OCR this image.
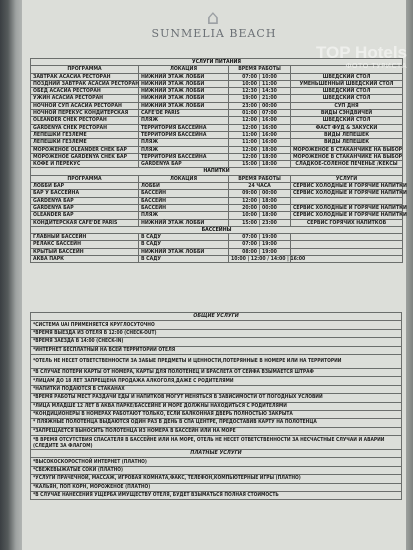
⌂
SUNMELIA BEACH
УСЛУГИ ПИТАНИЯ			
ПРОГРАММА	ЛОКАЦИЯ	ВРЕМЯ РАБОТЫ	
ЗАВТРАК АСАСИА РЕСТОРАН	НИЖНИЙ ЭТАЖ ЛОББИ	07:00 | 10:00	ШВЕДСКИЙ СТОЛ
ПОЗДНИЙ ЗАВТРАК АСАСИА РЕСТОРАН	НИЖНИЙ ЭТАЖ ЛОББИ	10:00 | 11:00	УМЕНЬШЕННЫЙ ШВЕДСКИЙ СТОЛ
ОБЕД АСАСИА РЕСТОРАН	НИЖНИЙ ЭТАЖ ЛОББИ	12:30 | 14:30	ШВЕДСКИЙ СТОЛ
УЖИН АСАСИА РЕСТОРАН	НИЖНИЙ ЭТАЖ ЛОББИ	19:00 | 21:00	ШВЕДСКИЙ СТОЛ
НОЧНОЙ СУП АСАСИА РЕСТОРАН	НИЖНИЙ ЭТАЖ ЛОББИ	23:00 | 00:00	СУП ДНЯ
НОЧНОЙ ПЕРЕКУС КОНДИТЕРСКАЯ	CAFE'DE PARIS	01:00 | 07:00	ВИДЫ СЭНДВИЧЕЙ
OLEANDER CHEK РЕСТОРАН	ПЛЯЖ	12:00 | 16:00	ШВЕДСКИЙ СТОЛ
GARDENYA CHEK РЕСТОРАН	ТЕРРИТОРИЯ БАССЕЙНА	12:00 | 16:00	ФАСТ ФУД & ЗАКУСКИ
ЛЕПЕШКИ ГЕЗЛЕМЕ	ТЕРРИТОРИЯ БАССЕЙНА	11:00 | 16:00	ВИДЫ ЛЕПЕШЕК
ЛЕПЕШКИ ГЕЗЛЕМЕ	ПЛЯЖ	11:00 | 16:00	ВИДЫ ЛЕПЕШЕК
МОРОЖЕНОЕ OLEANDER CHEK БАР	ПЛЯЖ	12:00 | 18:00	МОРОЖЕНОЕ В СТАКАНЧИКЕ НА ВЫБОР
МОРОЖЕНОЕ GARDENYA CHEK БАР	ТЕРРИТОРИЯ БАССЕЙНА	12:00 | 18:00	МОРОЖЕНОЕ В СТАКАНЧИКЕ НА ВЫБОР
КОФЕ И ПЕРЕКУС	GARDENYA БАР	15:00 | 18:00	СЛАДКОЕ-СОЛЕНОЕ ПЕЧЕНЬЕ /КЕКСЫ
НАПИТКИ			
ПРОГРАММА	ЛОКАЦИЯ	ВРЕМЯ РАБОТЫ	УСЛУГИ
ЛОББИ БАР	ЛОББИ	24 ЧАСА	СЕРВИС ХОЛОДНЫЕ И ГОРЯЧИЕ НАПИТКИ
БАР У БАССЕЙНА	БАССЕЙН	09:00 | 00:00	СЕРВИС ХОЛОДНЫЕ И ГОРЯЧИЕ НАПИТКИ
GARDENYA БАР	БАССЕЙН	12:00 | 18:00	
GARDENYA БАР	БАССЕЙН	20:00 | 00:00	СЕРВИС ХОЛОДНЫЕ И ГОРЯЧИЕ НАПИТКИ
OLEANDER БАР	ПЛЯЖ	10:00 | 18:00	СЕРВИС ХОЛОДНЫЕ И ГОРЯЧИЕ НАПИТКИ
КОНДИТЕРСКАЯ CAFE'DE PARIS	НИЖНИЙ ЭТАЖ ЛОББИ	15:00 | 23:00	СЕРВИС ГОРЯЧИХ НАПИТКОВ
БАССЕЙНЫ			
ГЛАВНЫЙ БАССЕЙН	В САДУ	07:00 | 19:00	
РЕЛАКС БАССЕЙН	В САДУ	07:00 | 19:00	
КРЫТЫЙ БАССЕЙН	НИЖНИЙ ЭТАЖ ЛОББИ	08:00 | 19:00	
АКВА ПАРК	В САДУ	10:00 | 12:00 / 14:00 | 16:00	
ОБЩИЕ УСЛУГИ
*СИСТЕМА UAI ПРИМЕНЯЕТСЯ КРУГЛОСУТОЧНО
*ВРЕМЯ ВЫЕЗДА ИЗ ОТЕЛЯ В 12:00 (CHECK-OUT)
*ВРЕМЯ ЗАЕЗДА В 14:00 (CHECK-IN)
*ИНТЕРНЕТ БЕСПЛАТНЫЙ НА ВСЕЙ ТЕРРИТОРИИ ОТЕЛЯ
*ОТЕЛЬ НЕ НЕСЕТ ОТВЕТСТВЕННОСТИ ЗА ЗАБЫЕ ПРЕДМЕТЫ И ЦЕННОСТИ,ПОТЕРЯННЫЕ В НОМЕРЕ ИЛИ НА ТЕРРИТОРИИ
*В СЛУЧАЕ ПОТЕРИ КАРТЫ ОТ НОМЕРА, КАРТЫ ДЛЯ ПОЛОТЕНЕЦ И БРАСЛЕТА ОТ СЕЙФА ВЗЫМАЕТСЯ ШТРАФ
*ЛИЦАМ ДО 18 ЛЕТ ЗАПРЕЩЕНА ПРОДАЖА АЛКОГОЛЯ,ДАЖЕ С РОДИТЕЛЯМИ
*НАПИТКИ ПОДАЮТСЯ В СТАКАНАХ
*ВРЕМЯ РАБОТЫ МЕСТ РАЗДАЧИ ЕДЫ И НАПИТКОВ МОГУТ МЕНЯТЬСЯ В ЗАВИСИМОСТИ ОТ ПОГОДНЫХ УСЛОВИЙ
*ЛИЦА МЛАДШЕ 12 ЛЕТ В АКВА ПАРКЕ/БАССЕЙНЕ И МОРЕ ДОЛЖНЫ НАХОДИТЬСЯ С РОДИТЕЛЯМИ
*КОНДИЦИОНЕРЫ В НОМЕРАХ РАБОТАЮТ ТОЛЬКО, ЕСЛИ БАЛКОННАЯ ДВЕРЬ ПОЛНОСТЬЮ ЗАКРЫТА
* ПЛЯЖНЫЕ ПОЛОТЕНЦА ВЫДАЮТСЯ ОДИН РАЗ В ДЕНЬ В СПА ЦЕНТРЕ, ПРЕДОСТАВИВ КАРТУ НА ПОЛОТЕНЦА
*ЗАПРЕЩАЕТСЯ ВЫНОСИТЬ ПОЛОТЕНЦА ИЗ НОМЕРА В БАССЕЙН ИЛИ НА МОРЕ
*В ВРЕМЯ ОТСУТСТВИЯ СПАСАТЕЛЯ В БАССЕЙНЕ ИЛИ НА МОРЕ, ОТЕЛЬ НЕ НЕСЕТ ОТВЕТСТВЕННОСТИ ЗА НЕСЧАСТНЫЕ СЛУЧАИ И АВАРИИ (СЛЕДИТЕ ЗА ФЛАГОМ)
ПЛАТНЫЕ УСЛУГИ
*ВЫСОКОСКОРОСТНОЙ ИНТЕРНЕТ (ПЛАТНО)
*СВЕЖЕВЫЖАТЫЕ СОКИ (ПЛАТНО)
*УСЛУГИ ПРАЧЕЧНОЙ, МАССАЖ, ИГРОВАЯ КОМНАТА,ФАКС, ТЕЛЕФОН,КОМПЬЮТЕРНЫЕ ИГРЫ (ПЛАТНО)
*КАЛЬЯН, ПОП КОРН, МОРОЖЕНОЕ (ПЛАТНО)
*В СЛУЧАЕ НАНЕСЕНИЯ УЩЕРБА ИМУЩЕСТВУ ОТЕЛЯ, БУДЕТ ВЗЫМАТЬСЯ ПОЛНАЯ СТОИМОСТЬ
TOP Hotels
ФОТО ТУРИСТА
